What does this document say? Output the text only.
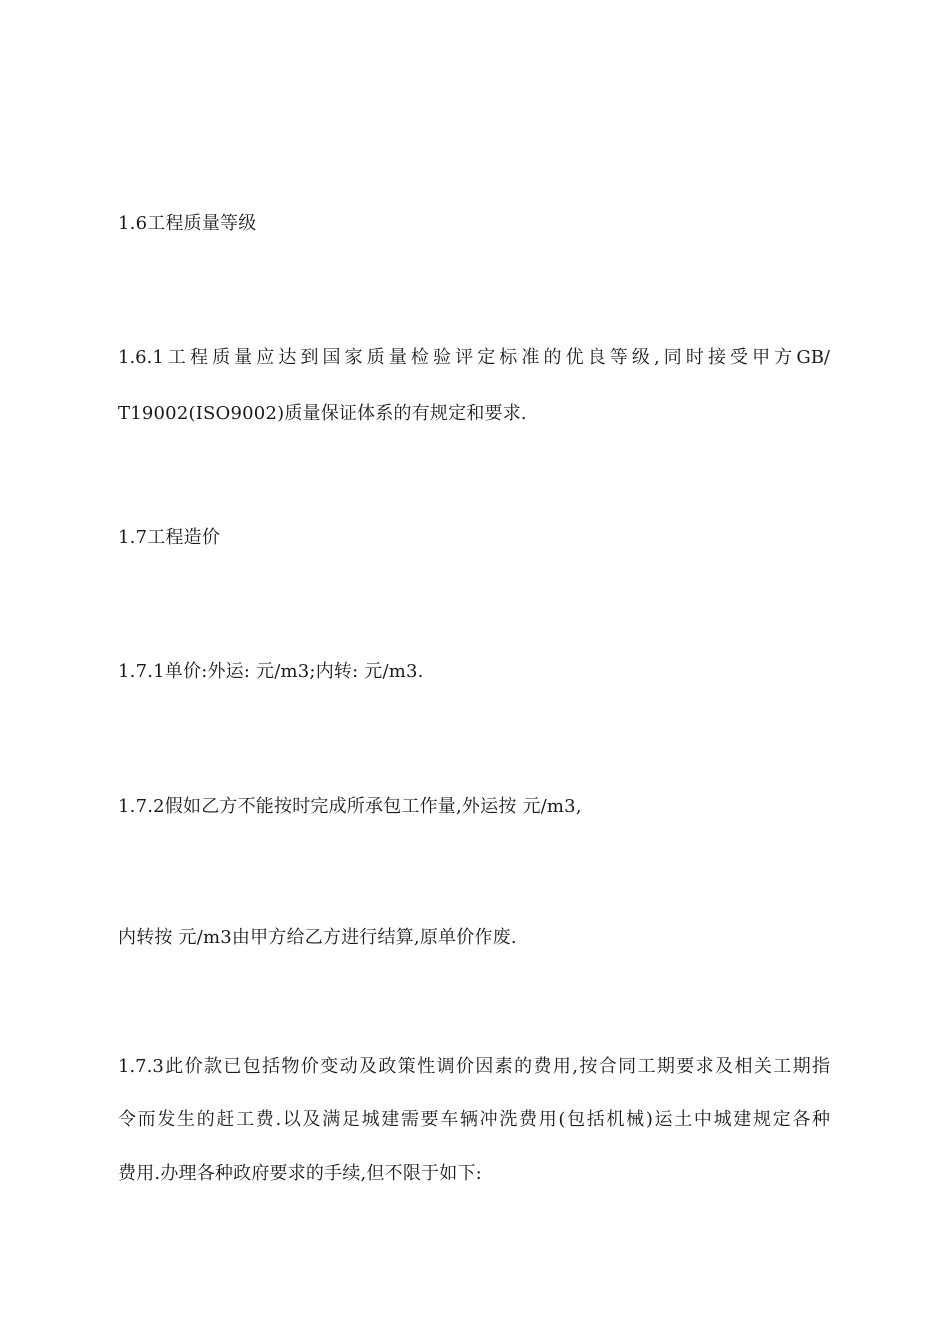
1.6工程质量等级
1.6.1工程质量应达到国家质量检验评定标准的优良等级,同时接受甲方GB/
T19002(ISO9002)质量保证体系的有规定和要求.
1.7工程造价
1.7.1单价:外运: 元/m3;内转: 元/m3.
1.7.2假如乙方不能按时完成所承包工作量,外运按 元/m3,
内转按 元/m3由甲方给乙方进行结算,原单价作废.
1.7.3此价款已包括物价变动及政策性调价因素的费用,按合同工期要求及相关工期指
令而发生的赶工费.以及满足城建需要车辆冲洗费用(包括机械)运土中城建规定各种
费用.办理各种政府要求的手续,但不限于如下:
